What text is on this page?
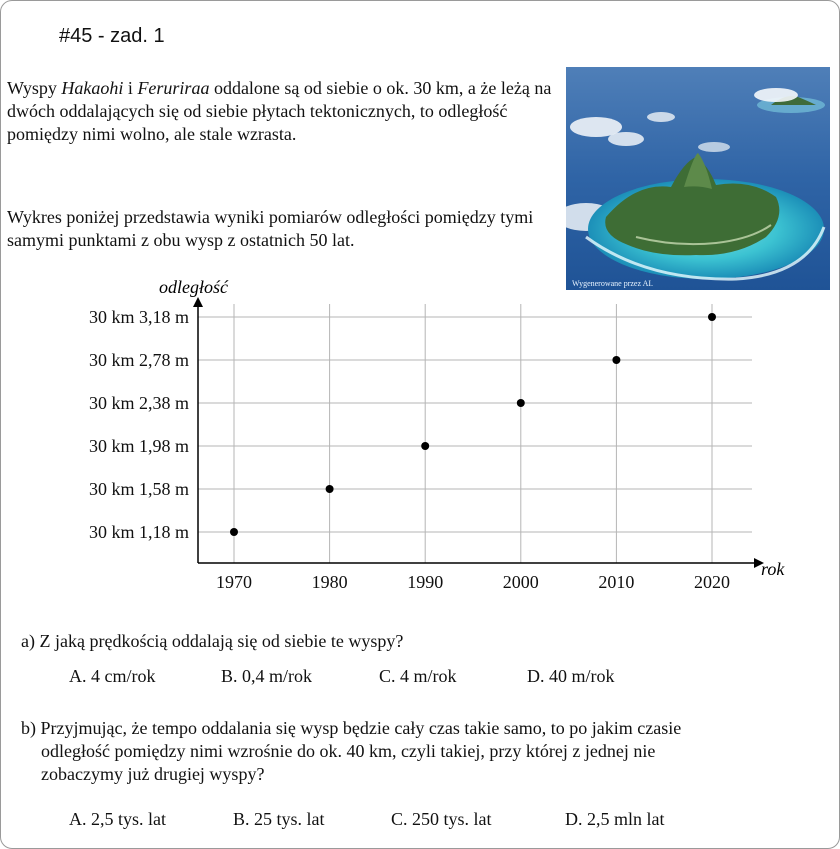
#45 - zad. 1

Wyspy Hakaohi i Feruriraa oddalone są od siebie o ok. 30 km, a że leżą na dwóch oddalających się od siebie płytach tektonicznych, to odległość pomiędzy nimi wolno, ale stale wzrasta.

Wykres poniżej przedstawia wyniki pomiarów odległości pomiędzy tymi samymi punktami z obu wysp z ostatnich 50 lat.

Wygenerowane przez AI.
odległość
rok
30 km 1,18 m
30 km 1,58 m
30 km 1,98 m
30 km 2,38 m
30 km 2,78 m
30 km 3,18 m
1970	1980	1990	2000	2010	2020

a) Z jaką prędkością oddalają się od siebie te wyspy?

A. 4 cm/rok	B. 0,4 m/rok	C. 4 m/rok	D. 40 m/rok

b) Przyjmując, że tempo oddalania się wysp będzie cały czas takie samo, to po jakim czasie
odległość pomiędzy nimi wzrośnie do ok. 40 km, czyli takiej, przy której z jednej nie
zobaczymy już drugiej wyspy?

A. 2,5 tys. lat	B. 25 tys. lat	C. 250 tys. lat	D. 2,5 mln lat
